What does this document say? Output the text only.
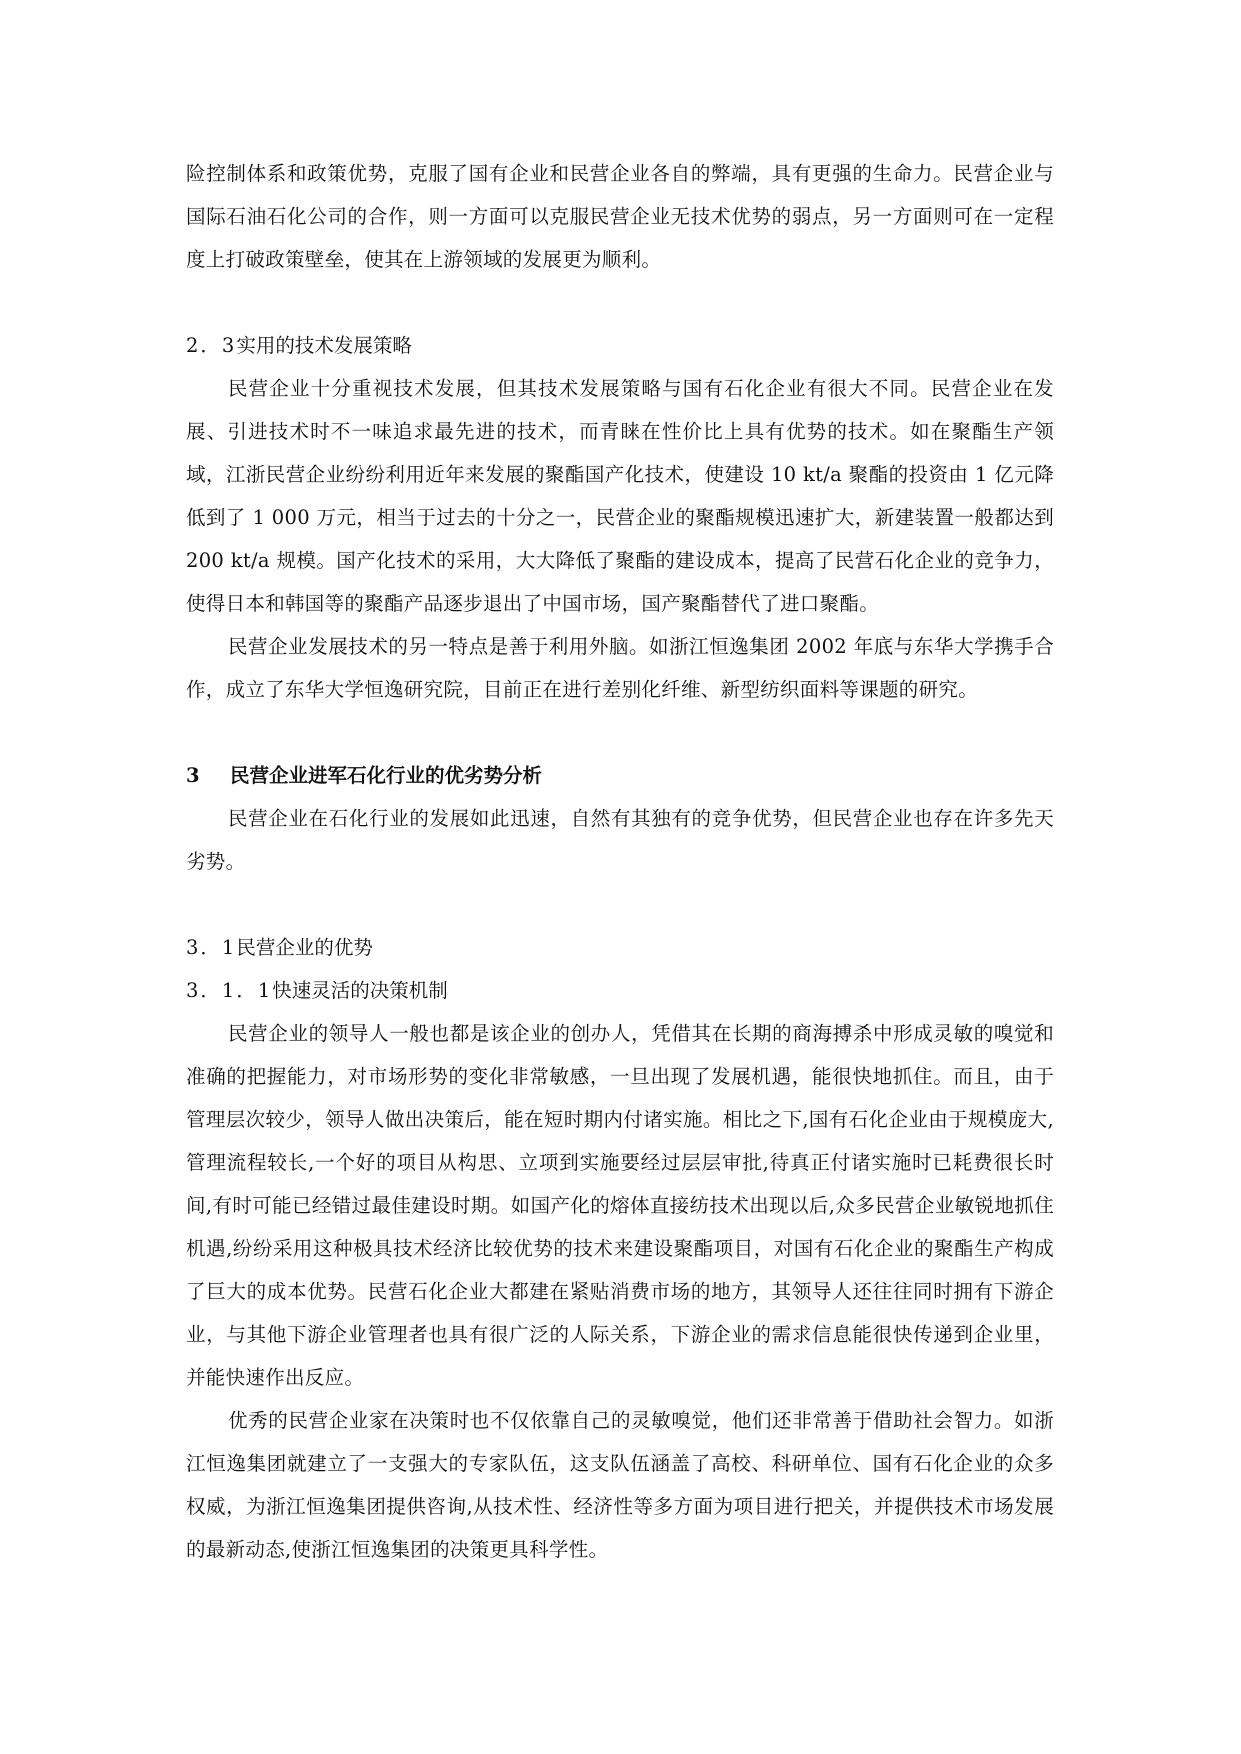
险控制体系和政策优势，克服了国有企业和民营企业各自的弊端，具有更强的生命力。民营企业与国际石油石化公司的合作，则一方面可以克服民营企业无技术优势的弱点，另一方面则可在一定程度上打破政策壁垒，使其在上游领域的发展更为顺利。

2．3实用的技术发展策略

民营企业十分重视技术发展，但其技术发展策略与国有石化企业有很大不同。民营企业在发展、引进技术时不一味追求最先进的技术，而青睐在性价比上具有优势的技术。如在聚酯生产领域，江浙民营企业纷纷利用近年来发展的聚酯国产化技术，使建设 10 kt/a 聚酯的投资由 1 亿元降低到了 1 000 万元，相当于过去的十分之一，民营企业的聚酯规模迅速扩大，新建装置一般都达到 200 kt/a 规模。国产化技术的采用，大大降低了聚酯的建设成本，提高了民营石化企业的竞争力，使得日本和韩国等的聚酯产品逐步退出了中国市场，国产聚酯替代了进口聚酯。

民营企业发展技术的另一特点是善于利用外脑。如浙江恒逸集团 2002 年底与东华大学携手合作，成立了东华大学恒逸研究院，目前正在进行差别化纤维、新型纺织面料等课题的研究。

3 民营企业进军石化行业的优劣势分析

民营企业在石化行业的发展如此迅速，自然有其独有的竞争优势，但民营企业也存在许多先天劣势。

3．1民营企业的优势
3．1．1快速灵活的决策机制

民营企业的领导人一般也都是该企业的创办人，凭借其在长期的商海搏杀中形成灵敏的嗅觉和准确的把握能力，对市场形势的变化非常敏感，一旦出现了发展机遇，能很快地抓住。而且，由于管理层次较少，领导人做出决策后，能在短时期内付诸实施。相比之下,国有石化企业由于规模庞大,管理流程较长,一个好的项目从构思、立项到实施要经过层层审批,待真正付诸实施时已耗费很长时间,有时可能已经错过最佳建设时期。如国产化的熔体直接纺技术出现以后,众多民营企业敏锐地抓住机遇,纷纷采用这种极具技术经济比较优势的技术来建设聚酯项目，对国有石化企业的聚酯生产构成了巨大的成本优势。民营石化企业大都建在紧贴消费市场的地方，其领导人还往往同时拥有下游企业，与其他下游企业管理者也具有很广泛的人际关系，下游企业的需求信息能很快传递到企业里，并能快速作出反应。

优秀的民营企业家在决策时也不仅依靠自己的灵敏嗅觉，他们还非常善于借助社会智力。如浙江恒逸集团就建立了一支强大的专家队伍，这支队伍涵盖了高校、科研单位、国有石化企业的众多权威，为浙江恒逸集团提供咨询,从技术性、经济性等多方面为项目进行把关，并提供技术市场发展的最新动态,使浙江恒逸集团的决策更具科学性。
